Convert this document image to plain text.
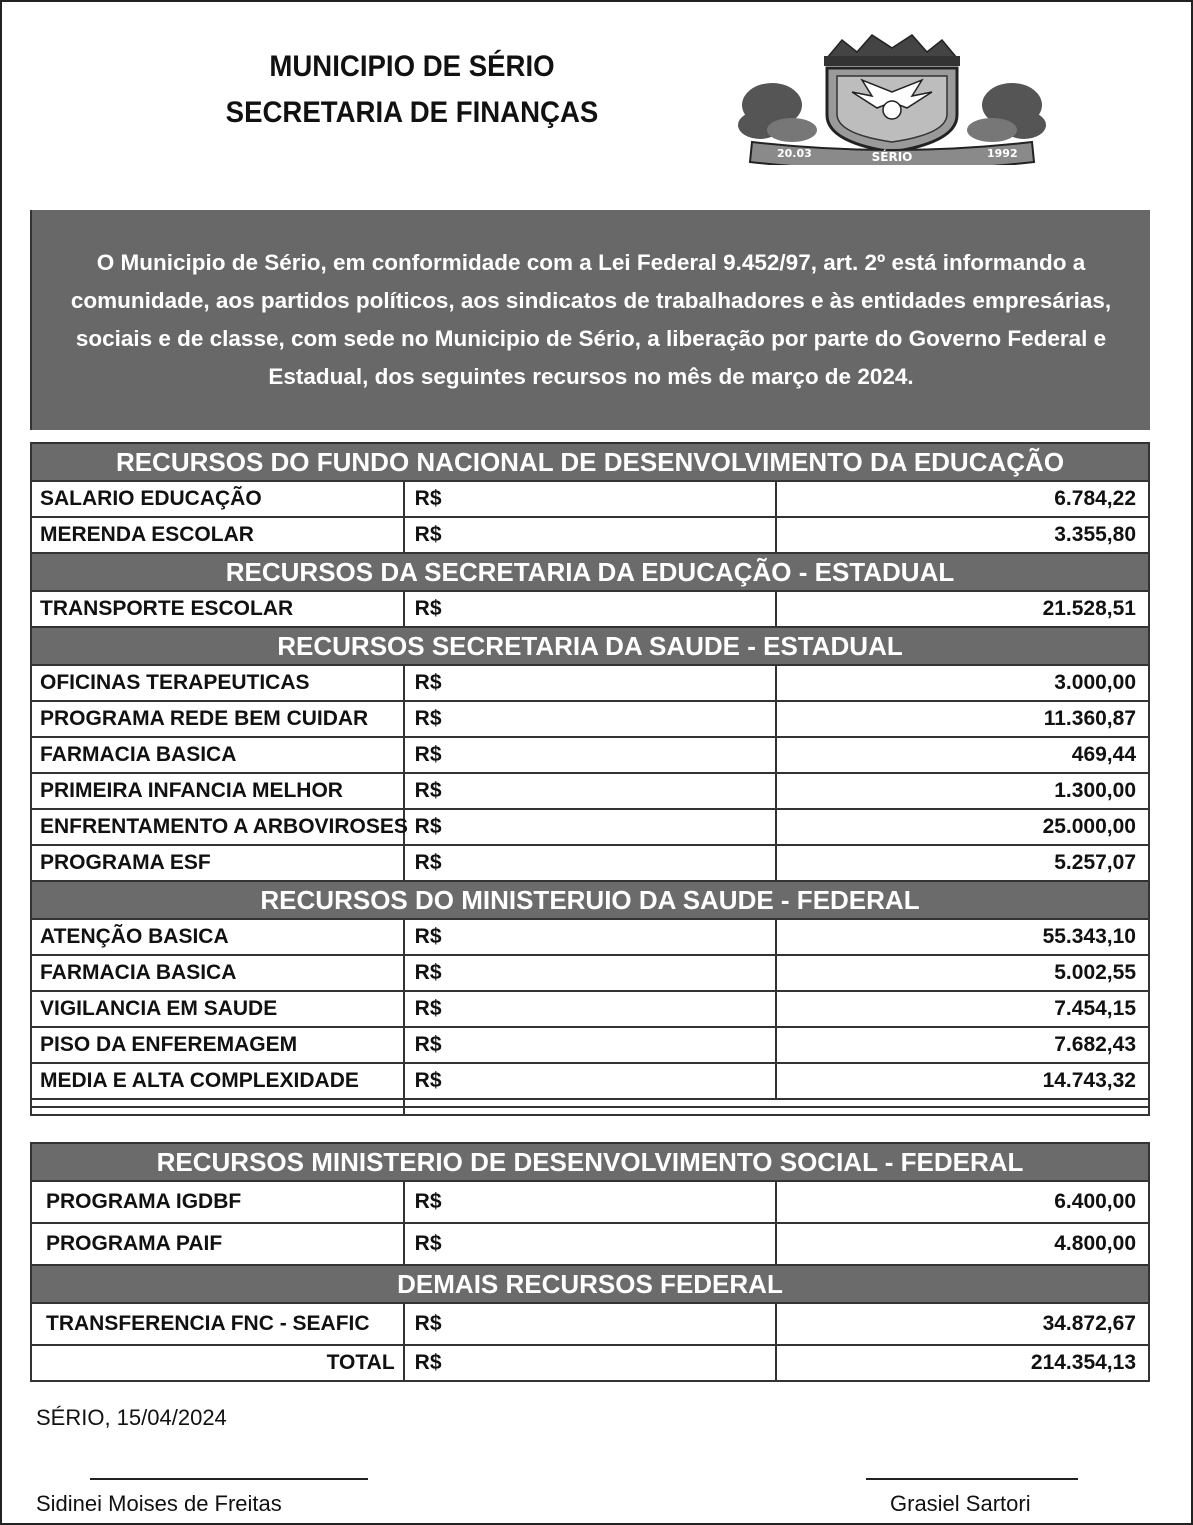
MUNICIPIO DE SÉRIO
SECRETARIA DE FINANÇAS
20.03	SÉRIO	1992

O Municipio de Sério, em conformidade com a Lei Federal 9.452/97, art. 2º está informando a comunidade, aos partidos políticos, aos sindicatos de trabalhadores e às entidades empresárias, sociais e de classe, com sede no Municipio de Sério, a liberação por parte do Governo Federal e Estadual, dos seguintes recursos no mês de março de 2024.

RECURSOS DO FUNDO NACIONAL DE DESENVOLVIMENTO DA EDUCAÇÃO		
SALARIO EDUCAÇÃO	R$	6.784,22
MERENDA ESCOLAR	R$	3.355,80
RECURSOS DA SECRETARIA DA EDUCAÇÃO - ESTADUAL		
TRANSPORTE ESCOLAR	R$	21.528,51
RECURSOS SECRETARIA DA SAUDE - ESTADUAL		
OFICINAS TERAPEUTICAS	R$	3.000,00
PROGRAMA REDE BEM CUIDAR	R$	11.360,87
FARMACIA BASICA	R$	469,44
PRIMEIRA INFANCIA MELHOR	R$	1.300,00
ENFRENTAMENTO A ARBOVIROSES	R$	25.000,00
PROGRAMA ESF	R$	5.257,07
RECURSOS DO MINISTERUIO DA SAUDE - FEDERAL		
ATENÇÃO BASICA	R$	55.343,10
FARMACIA BASICA	R$	5.002,55
VIGILANCIA EM SAUDE	R$	7.454,15
PISO DA ENFEREMAGEM	R$	7.682,43
MEDIA E ALTA COMPLEXIDADE	R$	14.743,32

RECURSOS MINISTERIO DE DESENVOLVIMENTO SOCIAL - FEDERAL		
PROGRAMA IGDBF	R$	6.400,00
PROGRAMA PAIF	R$	4.800,00
DEMAIS RECURSOS FEDERAL		
TRANSFERENCIA FNC - SEAFIC	R$	34.872,67
TOTAL	R$	214.354,13
SÉRIO, 15/04/2024
Sidinei Moises de Freitas	Grasiel Sartori
